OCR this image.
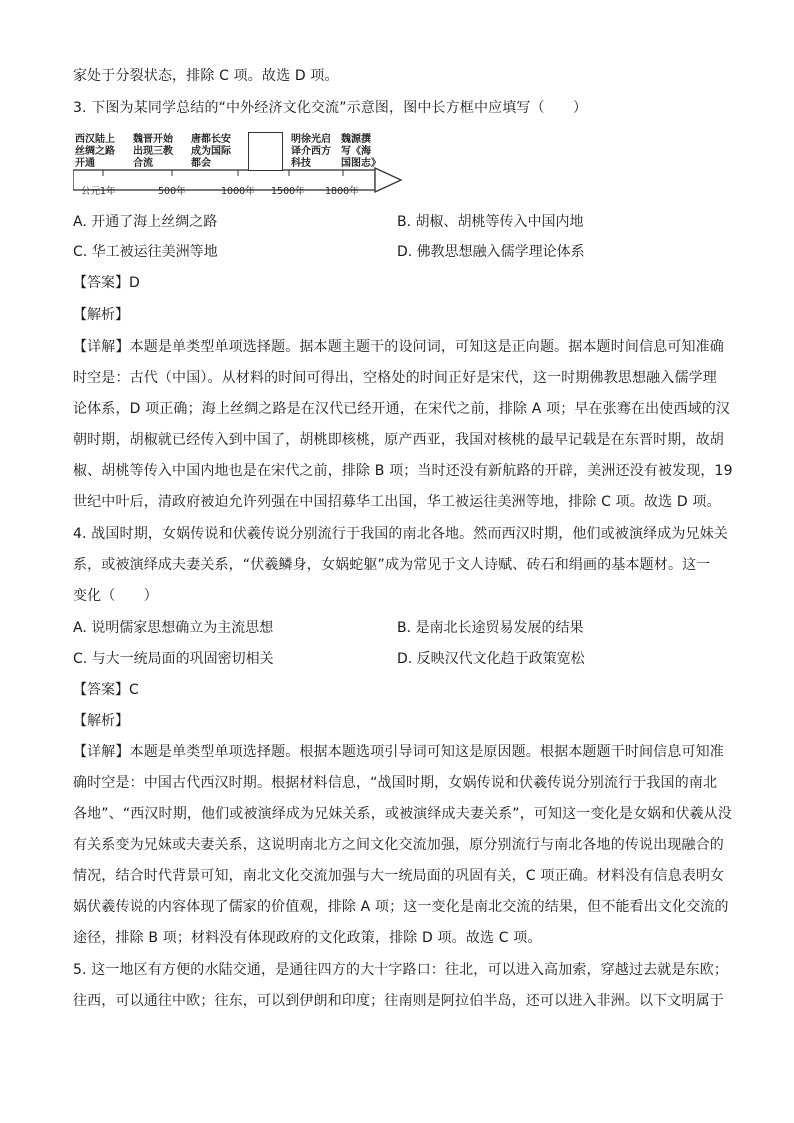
家处于分裂状态，排除 C 项。故选 D 项。
3. 下图为某同学总结的“中外经济文化交流”示意图，图中长方框中应填写（　　）
西汉陆上
丝绸之路
开通
魏晋开始
出现三教
合流
唐都长安
成为国际
都会
明徐光启
译介西方
科技
魏源撰
写《海
国图志》
公元1年	500年	1000年 1500年 1800年
A. 开通了海上丝绸之路	B. 胡椒、胡桃等传入中国内地
C. 华工被运往美洲等地	D. 佛教思想融入儒学理论体系
【答案】D
【解析】
【详解】本题是单类型单项选择题。据本题主题干的设问词，可知这是正向题。据本题时间信息可知准确
时空是：古代（中国）。从材料的时间可得出，空格处的时间正好是宋代，这一时期佛教思想融入儒学理
论体系，D 项正确；海上丝绸之路是在汉代已经开通，在宋代之前，排除 A 项；早在张骞在出使西域的汉
朝时期，胡椒就已经传入到中国了，胡桃即核桃，原产西亚，我国对核桃的最早记载是在东晋时期，故胡
椒、胡桃等传入中国内地也是在宋代之前，排除 B 项；当时还没有新航路的开辟，美洲还没有被发现，19
世纪中叶后，清政府被迫允许列强在中国招募华工出国，华工被运往美洲等地，排除 C 项。故选 D 项。
4. 战国时期，女娲传说和伏羲传说分别流行于我国的南北各地。然而西汉时期，他们或被演绎成为兄妹关
系，或被演绎成夫妻关系，“伏羲鳞身，女娲蛇躯”成为常见于文人诗赋、砖石和绢画的基本题材。这一
变化（　　）
A. 说明儒家思想确立为主流思想	B. 是南北长途贸易发展的结果
C. 与大一统局面的巩固密切相关	D. 反映汉代文化趋于政策宽松
【答案】C
【解析】
【详解】本题是单类型单项选择题。根据本题选项引导词可知这是原因题。根据本题题干时间信息可知准
确时空是：中国古代西汉时期。根据材料信息，“战国时期，女娲传说和伏羲传说分别流行于我国的南北
各地”、“西汉时期，他们或被演绎成为兄妹关系，或被演绎成夫妻关系”，可知这一变化是女娲和伏羲从没
有关系变为兄妹或夫妻关系，这说明南北方之间文化交流加强，原分别流行与南北各地的传说出现融合的
情况，结合时代背景可知，南北文化交流加强与大一统局面的巩固有关，C 项正确。材料没有信息表明女
娲伏羲传说的内容体现了儒家的价值观，排除 A 项；这一变化是南北交流的结果，但不能看出文化交流的
途径，排除 B 项；材料没有体现政府的文化政策，排除 D 项。故选 C 项。
5. 这一地区有方便的水陆交通，是通往四方的大十字路口：往北，可以进入高加索，穿越过去就是东欧；
往西，可以通往中欧；往东，可以到伊朗和印度；往南则是阿拉伯半岛，还可以进入非洲。以下文明属于
